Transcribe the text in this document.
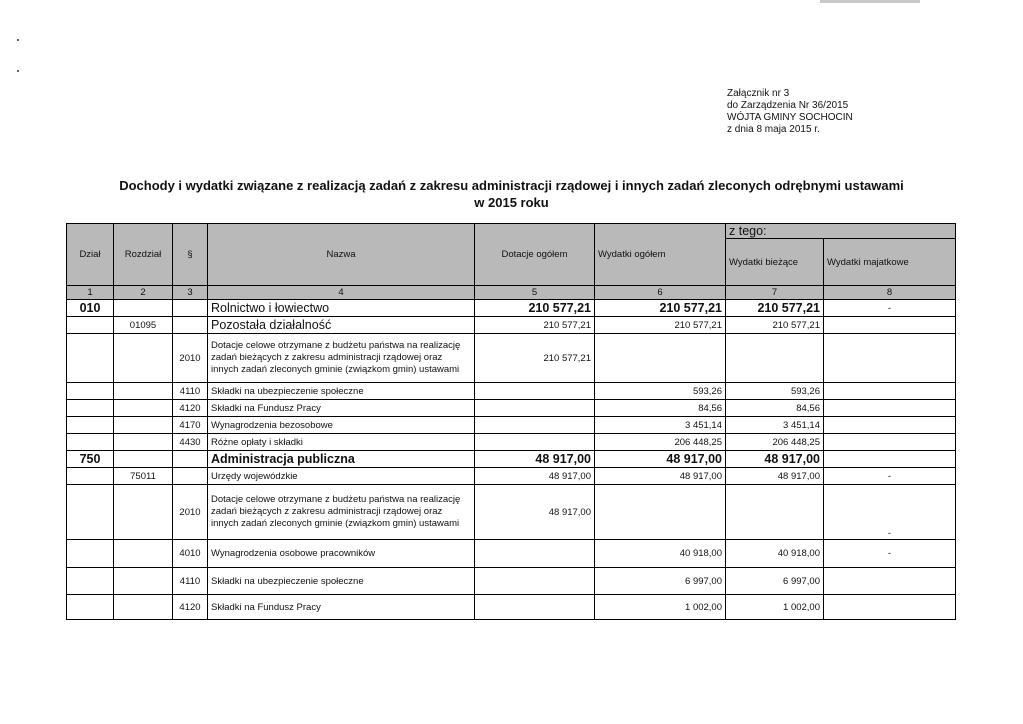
Załącznik nr 3
do Zarządzenia Nr 36/2015
WÓJTA GMINY SOCHOCIN
z dnia 8 maja 2015 r.
Dochody i wydatki związane z realizacją zadań z zakresu administracji rządowej i innych zadań zleconych odrębnymi ustawami
w 2015 roku
Dział	Rozdział	§	Nazwa	Dotacje ogółem	Wydatki ogółem	z tego:	
						Wydatki bieżące	Wydatki majatkowe
1	2	3	4	5	6	7	8
010			Rolnictwo i łowiectwo	210 577,21	210 577,21	210 577,21	-
	01095		Pozostała działalność	210 577,21	210 577,21	210 577,21	
		2010	Dotacje celowe otrzymane z budżetu państwa na realizację zadań bieżących z zakresu administracji rządowej oraz innych zadań zleconych gminie (związkom gmin) ustawami	210 577,21			
		4110	Składki na ubezpieczenie społeczne		593,26	593,26	
		4120	Składki na Fundusz Pracy		84,56	84,56	
		4170	Wynagrodzenia bezosobowe		3 451,14	3 451,14	
		4430	Różne opłaty i składki		206 448,25	206 448,25	
750			Administracja publiczna	48 917,00	48 917,00	48 917,00	
	75011		Urzędy wojewódzkie	48 917,00	48 917,00	48 917,00	-
		2010	Dotacje celowe otrzymane z budżetu państwa na realizację zadań bieżących z zakresu administracji rządowej oraz innych zadań zleconych gminie (związkom gmin) ustawami	48 917,00			-
		4010	Wynagrodzenia osobowe pracowników		40 918,00	40 918,00	-
		4110	Składki na ubezpieczenie społeczne		6 997,00	6 997,00	
		4120	Składki na Fundusz Pracy		1 002,00	1 002,00	
